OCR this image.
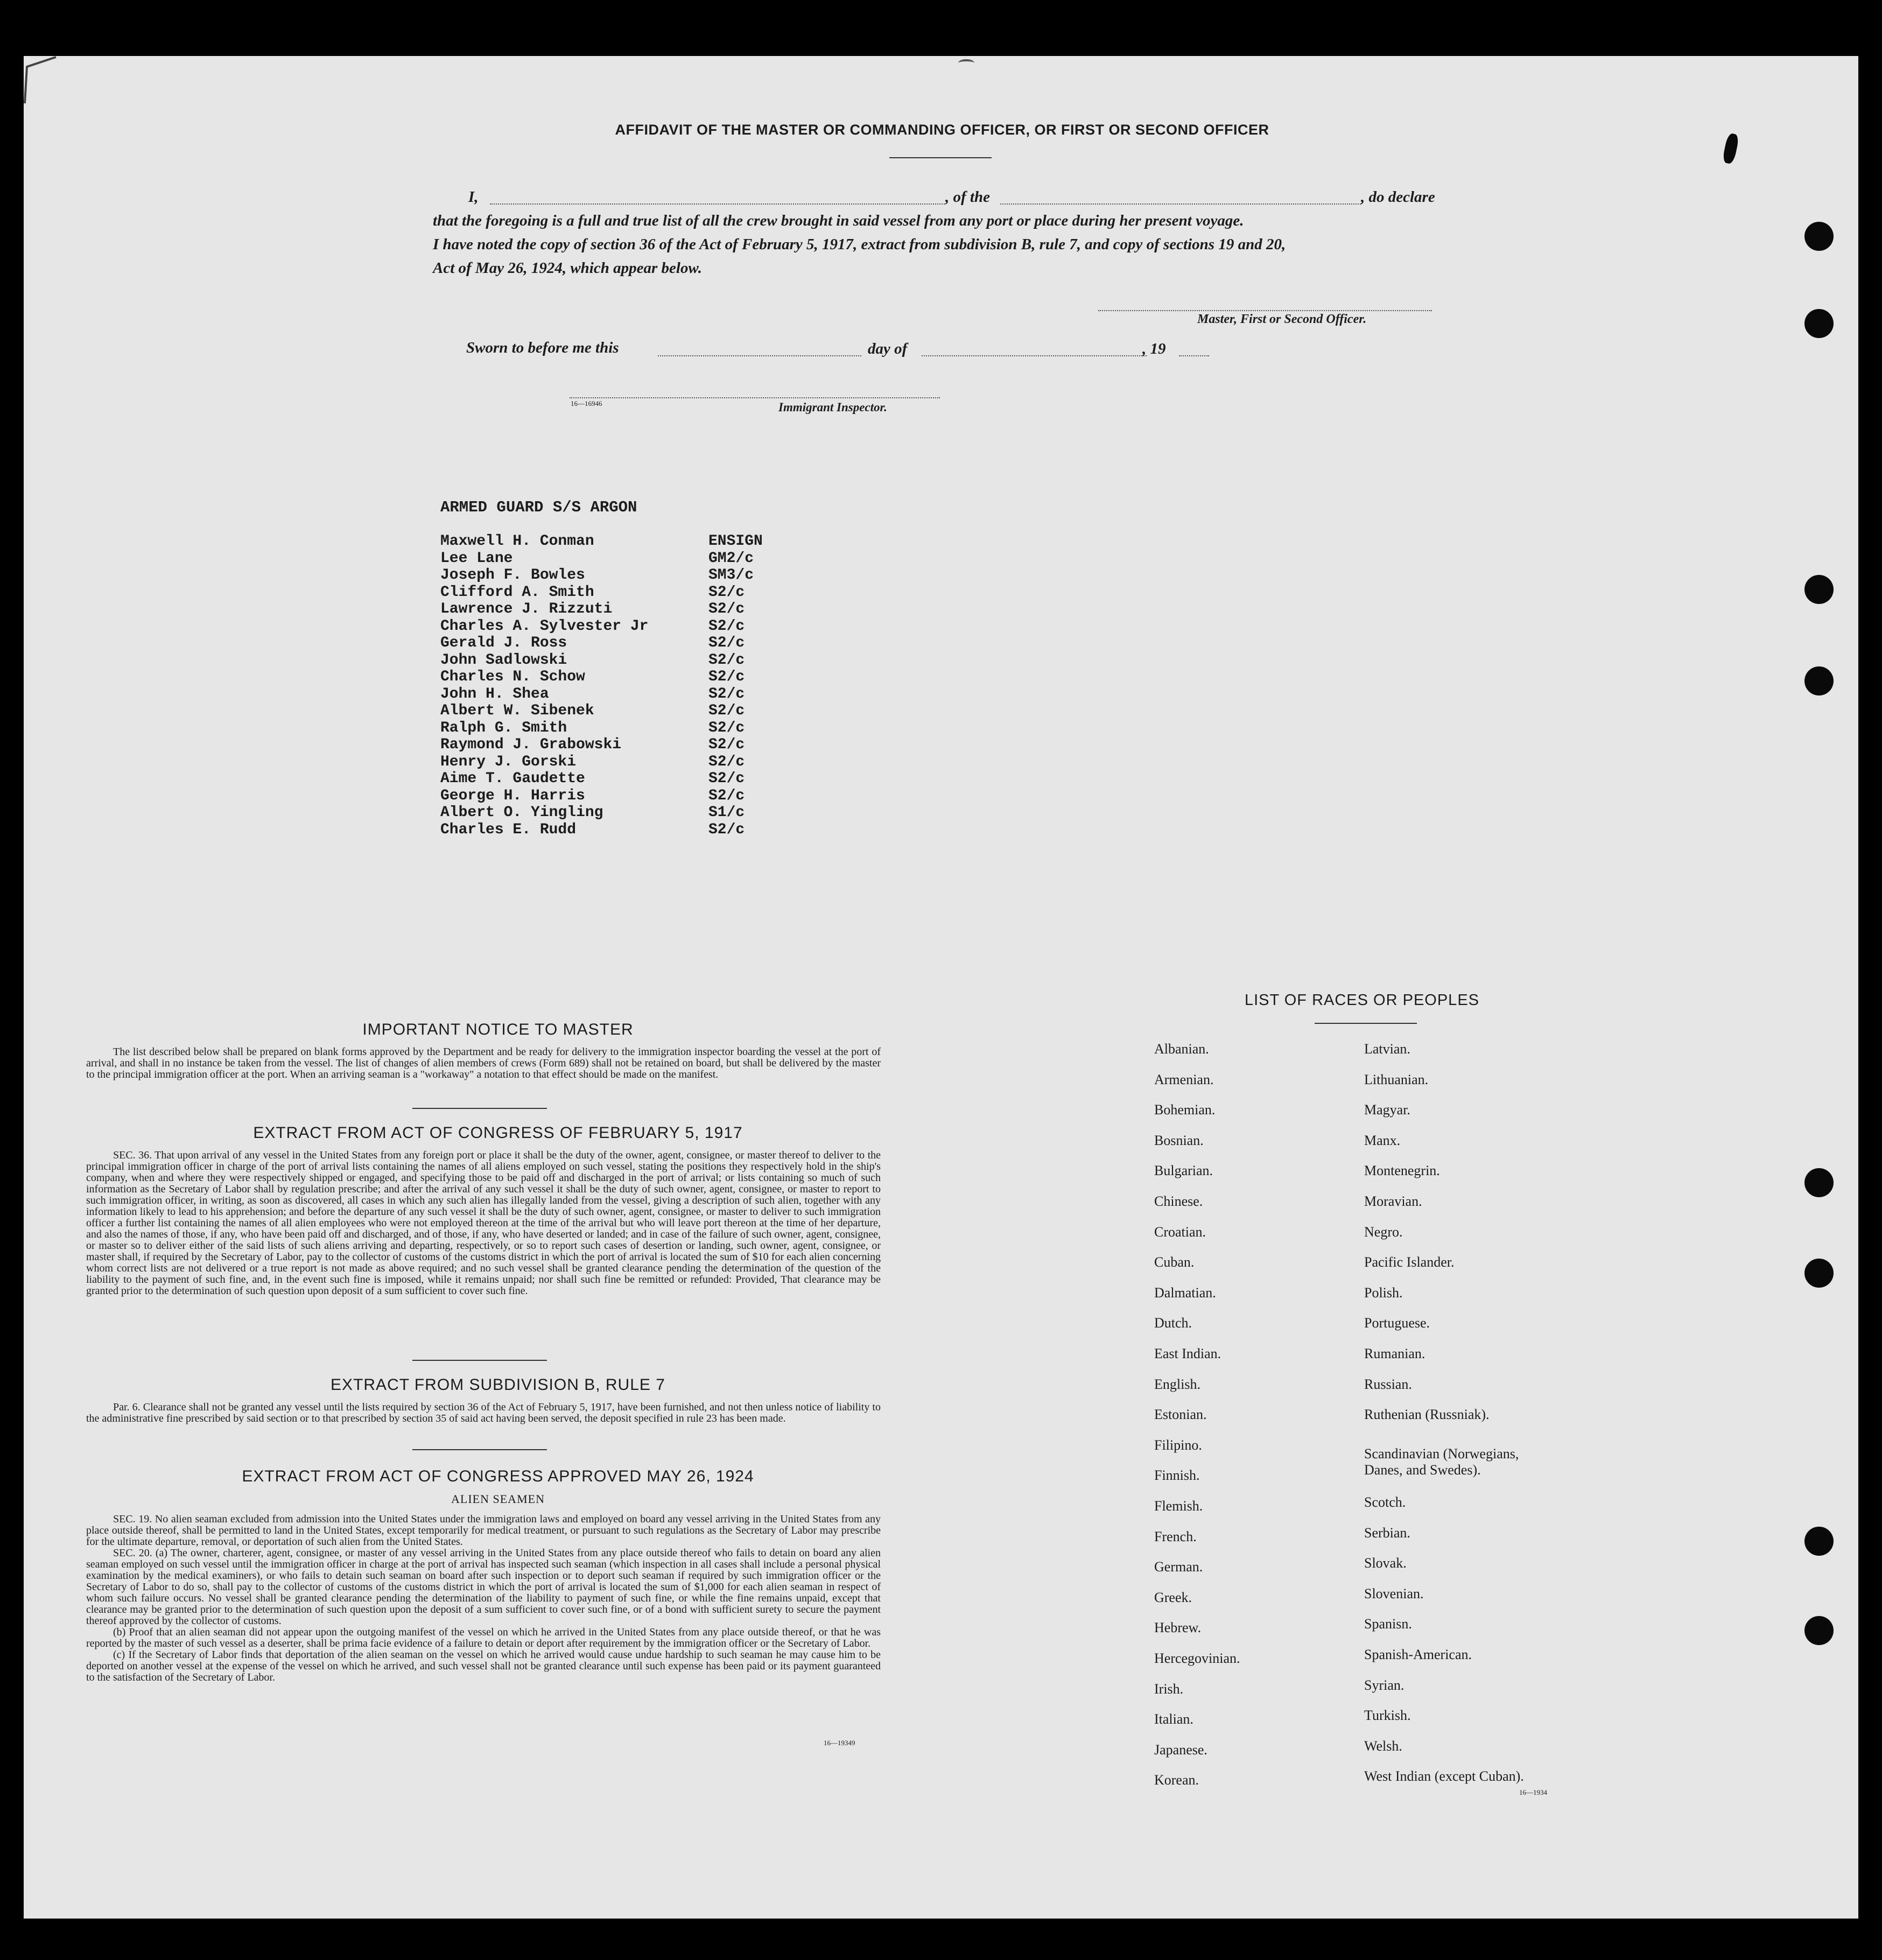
AFFIDAVIT OF THE MASTER OR COMMANDING OFFICER, OR FIRST OR SECOND OFFICER
I,	, of the	, do declare
that the foregoing is a full and true list of all the crew brought in said vessel from any port or place during her present voyage.
I have noted the copy of section 36 of the Act of February 5, 1917, extract from subdivision B, rule 7, and copy of sections 19 and 20,
Act of May 26, 1924, which appear below.
Master, First or Second Officer.
Sworn to before me this	day of	, 19
16—16946	Immigrant Inspector.
ARMED GUARD S/S ARGON
Maxwell H. Conman	ENSIGN
Lee Lane	GM2/c
Joseph F. Bowles	SM3/c
Clifford A. Smith	S2/c
Lawrence J. Rizzuti	S2/c
Charles A. Sylvester Jr	S2/c
Gerald J. Ross	S2/c
John Sadlowski	S2/c
Charles N. Schow	S2/c
John H. Shea	S2/c
Albert W. Sibenek	S2/c
Ralph G. Smith	S2/c
Raymond J. Grabowski	S2/c
Henry J. Gorski	S2/c
Aime T. Gaudette	S2/c
George H. Harris	S2/c
Albert O. Yingling	S1/c
Charles E. Rudd	S2/c
IMPORTANT NOTICE TO MASTER
The list described below shall be prepared on blank forms approved by the Department and be ready for delivery to the immigration inspector boarding the vessel at the port of arrival, and shall in no instance be taken from the vessel. The list of changes of alien members of crews (Form 689) shall not be retained on board, but shall be delivered by the master to the principal immigration officer at the port. When an arriving seaman is a "workaway" a notation to that effect should be made on the manifest.
EXTRACT FROM ACT OF CONGRESS OF FEBRUARY 5, 1917
SEC. 36. That upon arrival of any vessel in the United States from any foreign port or place it shall be the duty of the owner, agent, consignee, or master thereof to deliver to the principal immigration officer in charge of the port of arrival lists containing the names of all aliens employed on such vessel, stating the positions they respectively hold in the ship's company, when and where they were respectively shipped or engaged, and specifying those to be paid off and discharged in the port of arrival; or lists containing so much of such information as the Secretary of Labor shall by regulation prescribe; and after the arrival of any such vessel it shall be the duty of such owner, agent, consignee, or master to report to such immigration officer, in writing, as soon as discovered, all cases in which any such alien has illegally landed from the vessel, giving a description of such alien, together with any information likely to lead to his apprehension; and before the departure of any such vessel it shall be the duty of such owner, agent, consignee, or master to deliver to such immigration officer a further list containing the names of all alien employees who were not employed thereon at the time of the arrival but who will leave port thereon at the time of her departure, and also the names of those, if any, who have been paid off and discharged, and of those, if any, who have deserted or landed; and in case of the failure of such owner, agent, consignee, or master so to deliver either of the said lists of such aliens arriving and departing, respectively, or so to report such cases of desertion or landing, such owner, agent, consignee, or master shall, if required by the Secretary of Labor, pay to the collector of customs of the customs district in which the port of arrival is located the sum of $10 for each alien concerning whom correct lists are not delivered or a true report is not made as above required; and no such vessel shall be granted clearance pending the determination of the question of the liability to the payment of such fine, and, in the event such fine is imposed, while it remains unpaid; nor shall such fine be remitted or refunded: Provided, That clearance may be granted prior to the determination of such question upon deposit of a sum sufficient to cover such fine.
EXTRACT FROM SUBDIVISION B, RULE 7
Par. 6. Clearance shall not be granted any vessel until the lists required by section 36 of the Act of February 5, 1917, have been furnished, and not then unless notice of liability to the administrative fine prescribed by said section or to that prescribed by section 35 of said act having been served, the deposit specified in rule 23 has been made.
EXTRACT FROM ACT OF CONGRESS APPROVED MAY 26, 1924
ALIEN SEAMEN
SEC. 19. No alien seaman excluded from admission into the United States under the immigration laws and employed on board any vessel arriving in the United States from any place outside thereof, shall be permitted to land in the United States, except temporarily for medical treatment, or pursuant to such regulations as the Secretary of Labor may prescribe for the ultimate departure, removal, or deportation of such alien from the United States.
SEC. 20. (a) The owner, charterer, agent, consignee, or master of any vessel arriving in the United States from any place outside thereof who fails to detain on board any alien seaman employed on such vessel until the immigration officer in charge at the port of arrival has inspected such seaman (which inspection in all cases shall include a personal physical examination by the medical examiners), or who fails to detain such seaman on board after such inspection or to deport such seaman if required by such immigration officer or the Secretary of Labor to do so, shall pay to the collector of customs of the customs district in which the port of arrival is located the sum of $1,000 for each alien seaman in respect of whom such failure occurs. No vessel shall be granted clearance pending the determination of the liability to payment of such fine, or while the fine remains unpaid, except that clearance may be granted prior to the determination of such question upon the deposit of a sum sufficient to cover such fine, or of a bond with sufficient surety to secure the payment thereof approved by the collector of customs.
(b) Proof that an alien seaman did not appear upon the outgoing manifest of the vessel on which he arrived in the United States from any place outside thereof, or that he was reported by the master of such vessel as a deserter, shall be prima facie evidence of a failure to detain or deport after requirement by the immigration officer or the Secretary of Labor.
(c) If the Secretary of Labor finds that deportation of the alien seaman on the vessel on which he arrived would cause undue hardship to such seaman he may cause him to be deported on another vessel at the expense of the vessel on which he arrived, and such vessel shall not be granted clearance until such expense has been paid or its payment guaranteed to the satisfaction of the Secretary of Labor.
16—19349
LIST OF RACES OR PEOPLES
Albanian.
Armenian.
Bohemian.
Bosnian.
Bulgarian.
Chinese.
Croatian.
Cuban.
Dalmatian.
Dutch.
East Indian.
English.
Estonian.
Filipino.
Finnish.
Flemish.
French.
German.
Greek.
Hebrew.
Hercegovinian.
Irish.
Italian.
Japanese.
Korean.
Latvian.
Lithuanian.
Magyar.
Manx.
Montenegrin.
Moravian.
Negro.
Pacific Islander.
Polish.
Portuguese.
Rumanian.
Russian.
Ruthenian (Russniak).
Scandinavian (Norwegians,
Danes, and Swedes).
Scotch.
Serbian.
Slovak.
Slovenian.
Spanisn.
Spanish-American.
Syrian.
Turkish.
Welsh.
West Indian (except Cuban).
16—1934
